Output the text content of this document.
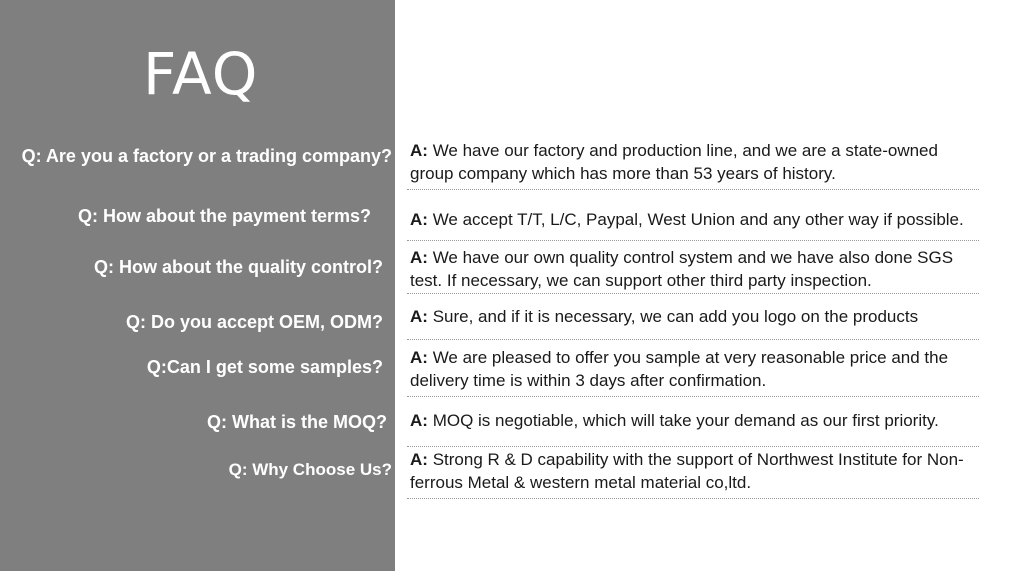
FAQ
Q: Are you a factory or a trading company?
Q: How about the payment terms?
Q: How about the quality control?
Q: Do you accept OEM, ODM?
Q:Can I get some samples?
Q: What is the MOQ?
Q: Why Choose Us?
A: We have our factory and production line, and we are a state-owned group company which has more than 53 years of history.
A: We accept T/T, L/C, Paypal, West Union and any other way if possible.
A: We have our own quality control system and we have also done SGS test. If necessary, we can support other third party inspection.
A: Sure, and if it is necessary, we can add you logo on the products
A: We are pleased to offer you sample at very reasonable price and the delivery time is within 3 days after confirmation.
A: MOQ is negotiable, which will take your demand as our first priority.
A: Strong R & D capability with the support of Northwest Institute for Non-ferrous Metal & western metal material co,ltd.
